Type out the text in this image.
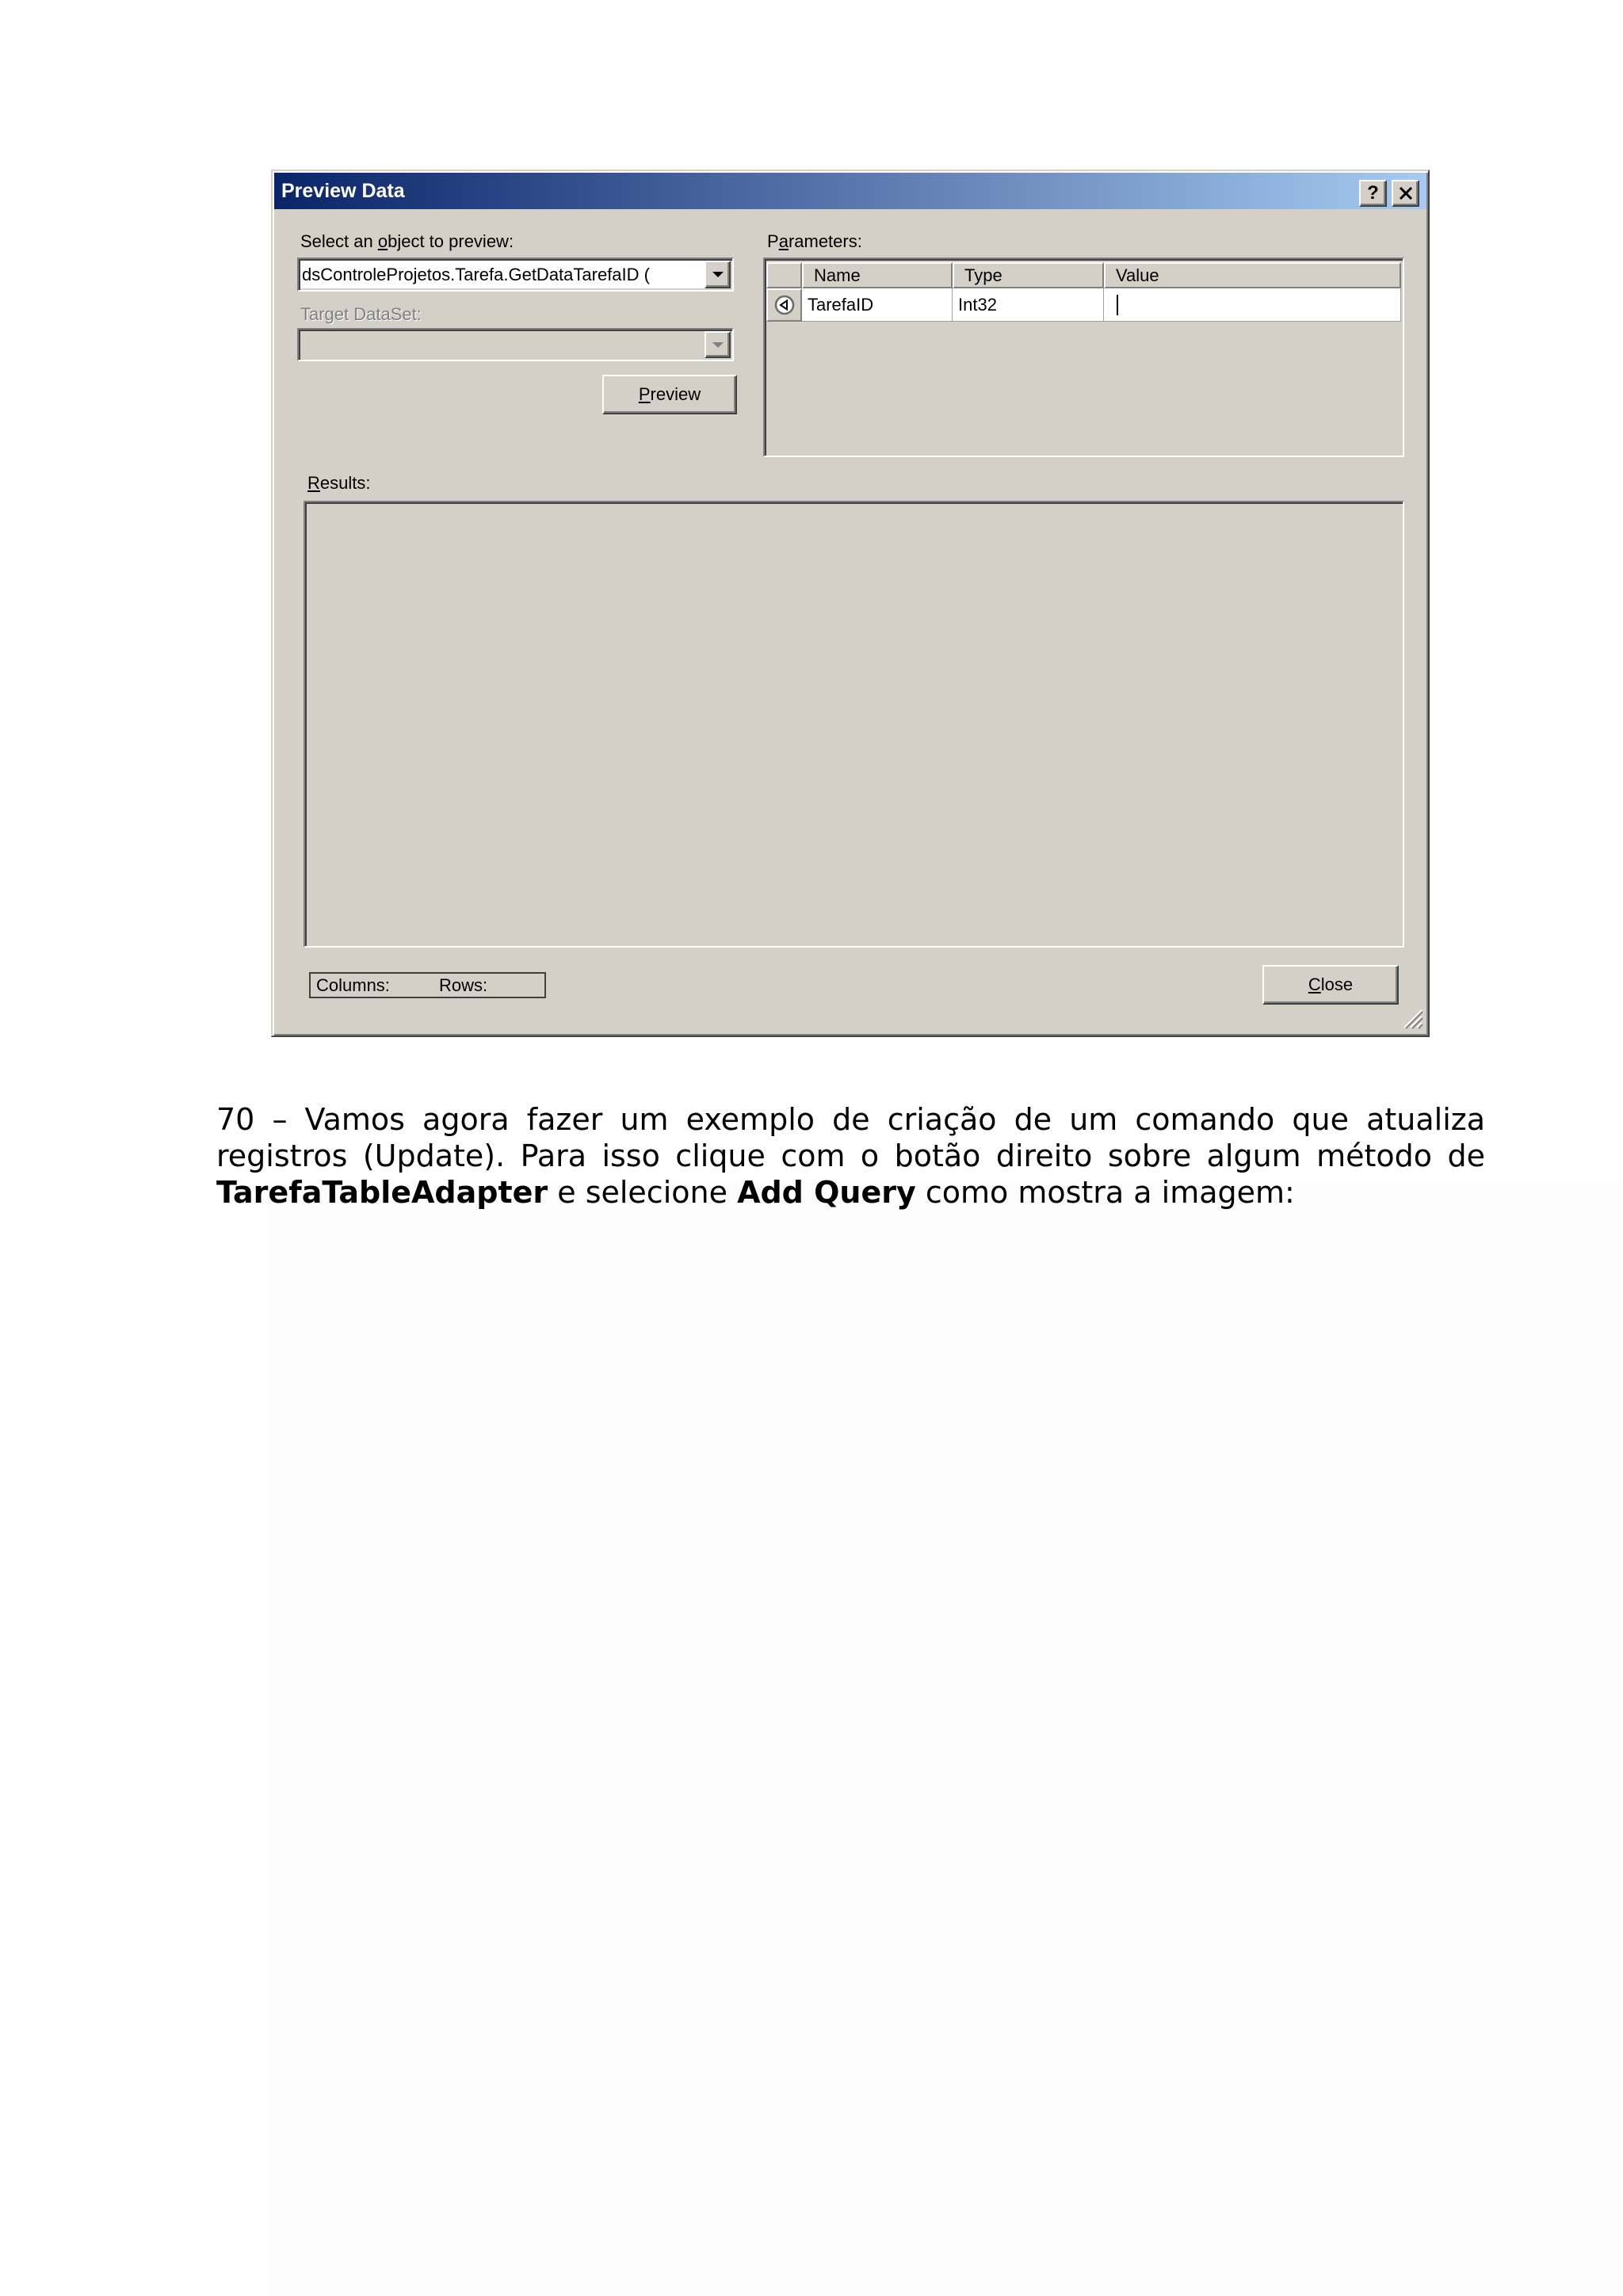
Preview Data	?
Select an object to preview:
dsControleProjetos.Tarefa.GetDataTarefaID (
Target DataSet:
Preview
Parameters:
Name	Type	Value
TarefaID	Int32
Results:
Columns:	Rows:	Close

70 – Vamos agora fazer um exemplo de criação de um comando que atualiza registros (Update). Para isso clique com o botão direito sobre algum método de TarefaTableAdapter e selecione Add Query como mostra a imagem:
